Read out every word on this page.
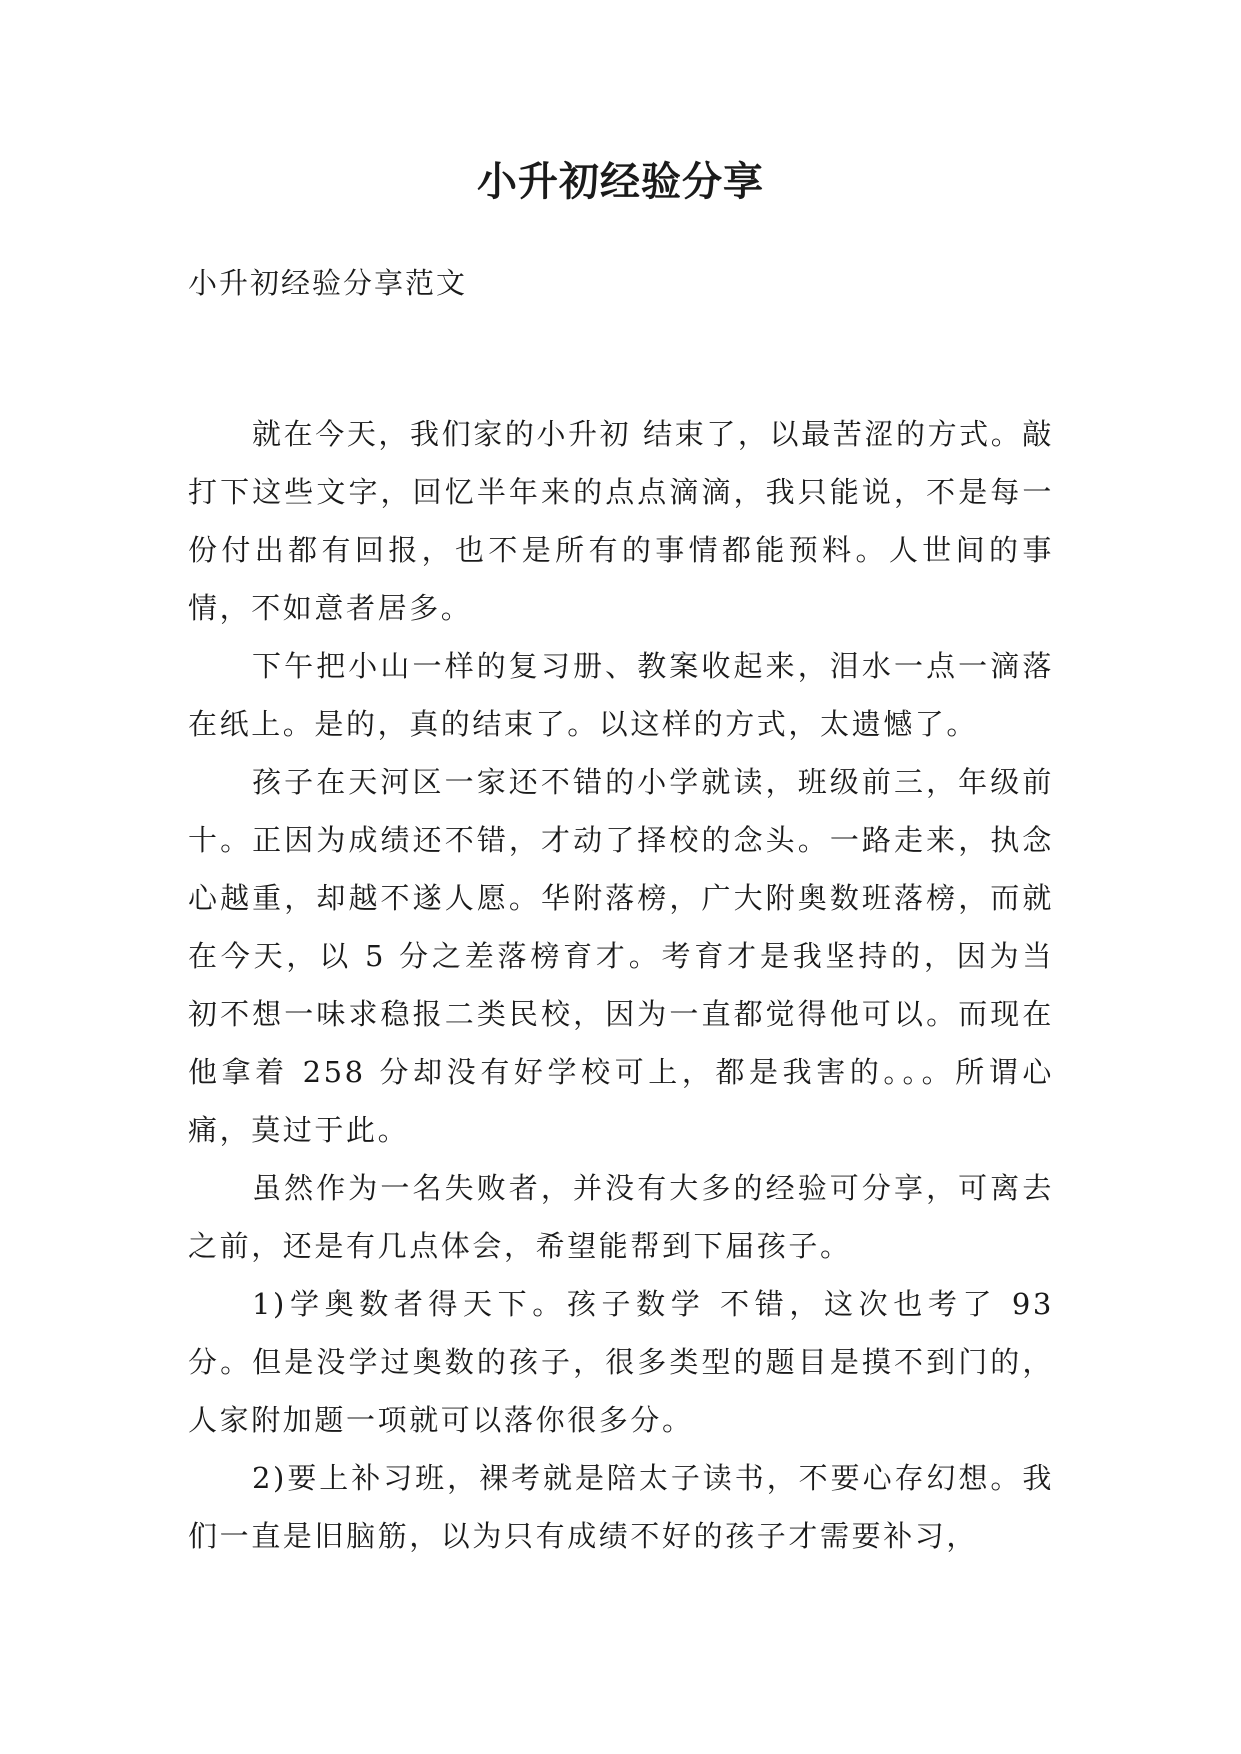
小升初经验分享

小升初经验分享范文

就在今天，我们家的小升初 结束了，以最苦涩的方式。敲打下这些文字，回忆半年来的点点滴滴，我只能说，不是每一份付出都有回报，也不是所有的事情都能预料。人世间的事情，不如意者居多。

下午把小山一样的复习册、教案收起来，泪水一点一滴落在纸上。是的，真的结束了。以这样的方式，太遗憾了。

孩子在天河区一家还不错的小学就读，班级前三，年级前十。正因为成绩还不错，才动了择校的念头。一路走来，执念心越重，却越不遂人愿。华附落榜，广大附奥数班落榜，而就在今天，以 5 分之差落榜育才。考育才是我坚持的，因为当初不想一味求稳报二类民校，因为一直都觉得他可以。而现在他拿着 258 分却没有好学校可上，都是我害的。。。所谓心痛，莫过于此。

虽然作为一名失败者，并没有大多的经验可分享，可离去之前，还是有几点体会，希望能帮到下届孩子。

1)学奥数者得天下。孩子数学 不错，这次也考了 93 分。但是没学过奥数的孩子，很多类型的题目是摸不到门的，人家附加题一项就可以落你很多分。

2)要上补习班，裸考就是陪太子读书，不要心存幻想。我们一直是旧脑筋，以为只有成绩不好的孩子才需要补习，
